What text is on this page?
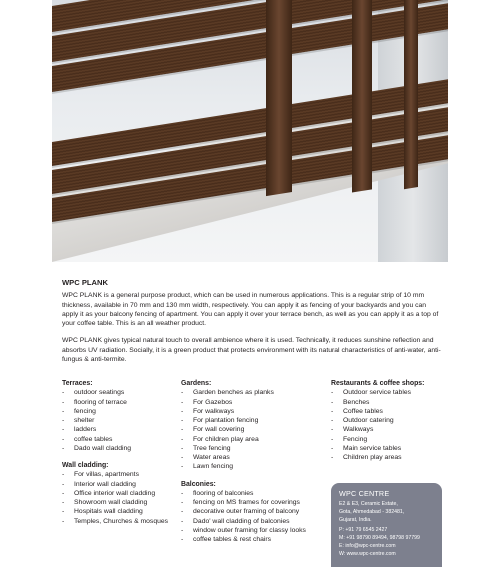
WPC PLANK

WPC PLANK is a general purpose product, which can be used in numerous applications. This is a regular strip of 10 mm thickness, available in 70 mm and 130 mm width, respectively. You can apply it as fencing of your backyards and you can apply it as your balcony fencing of apartment. You can apply it over your terrace bench, as well as you can apply it as a top of your coffee table. This is an all weather product.

WPC PLANK gives typical natural touch to overall ambience where it is used. Technically, it reduces sunshine reflection and absorbs UV radiation. Socially, it is a green product that protects environment with its natural characteristics of anti-water, anti-fungus & anti-termite.

Terraces:

- outdoor seatings
- flooring of terrace
- fencing
- shelter
- ladders
- coffee tables
- Dado wall cladding

Wall cladding:

- For villas, apartments
- Interior wall cladding
- Office interior wall cladding
- Showroom wall cladding
- Hospitals wall cladding
- Temples, Churches & mosques

Gardens:

- Garden benches as planks
- For Gazebos
- For walkways
- For plantation fencing
- For wall covering
- For children play area
- Tree fencing
- Water areas
- Lawn fencing

Balconies:

- flooring of balconies
- fencing on MS frames for coverings
- decorative outer framing of balcony
- Dado' wall cladding of balconies
- window outer framing for classy looks
- coffee tables & rest chairs

Restaurants & coffee shops:

- Outdoor service tables
- Benches
- Coffee tables
- Outdoor catering
- Walkways
- Fencing
- Main service tables
- Children play areas

WPC CENTRE

E2 & E3, Ceramic Estate,

Gota, Ahmedabad - 382481,

Gujarat, India.

P: +91 79 6545 2427

M: +91 98790 89494, 98798 97799

E: info@wpc-centre.com

W: www.wpc-centre.com
